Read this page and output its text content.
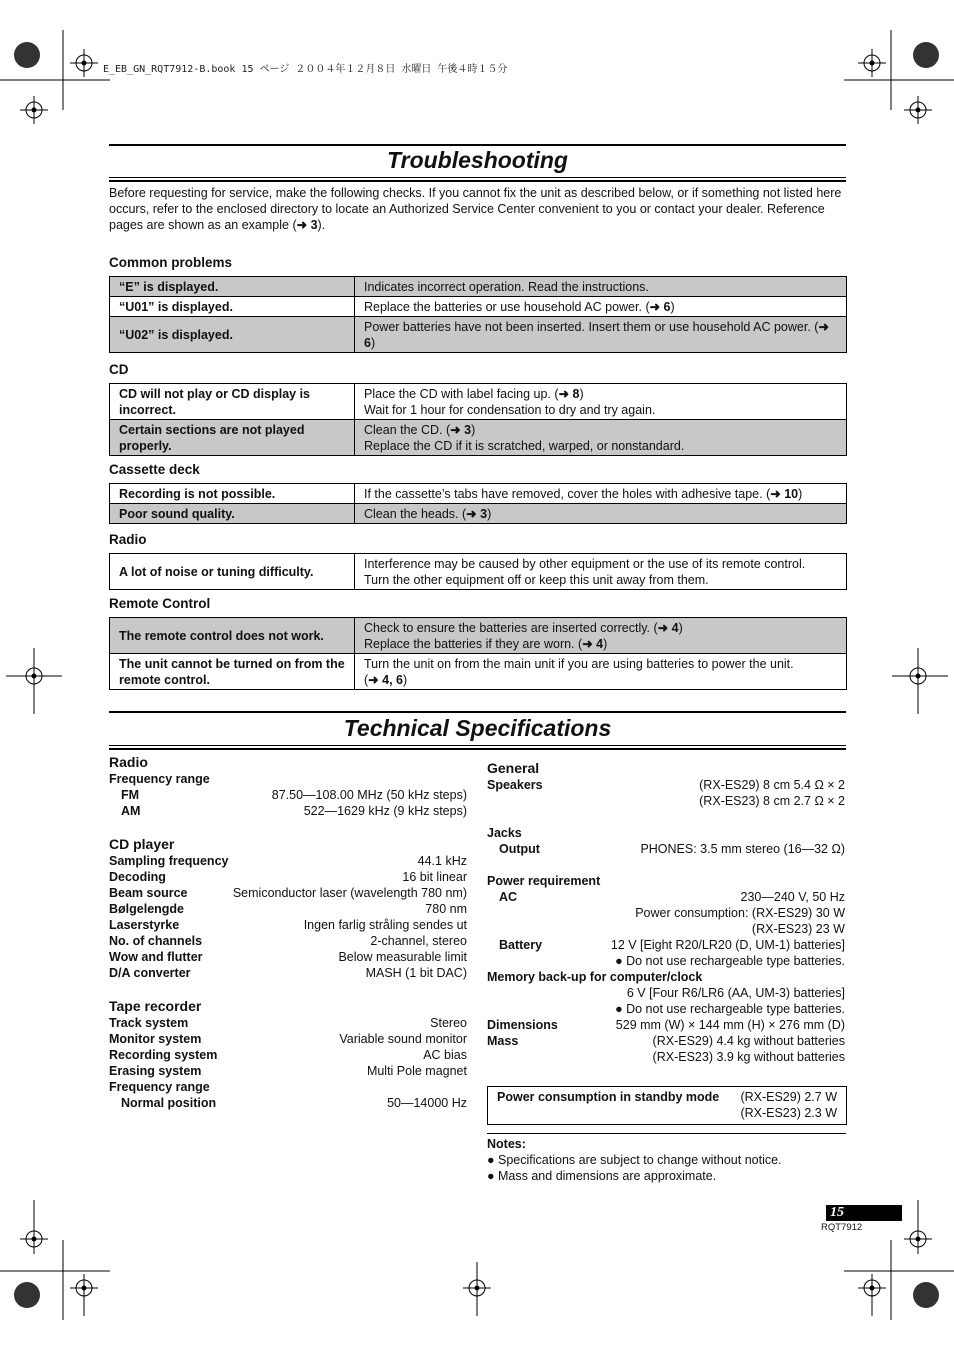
E_EB_GN_RQT7912-B.book 15 ページ ２００４年１２月８日 水曜日 午後４時１５分
Troubleshooting
Before requesting for service, make the following checks. If you cannot fix the unit as described below, or if something not listed here occurs, refer to the enclosed directory to locate an Authorized Service Center convenient to you or contact your dealer. Reference pages are shown as an example (➜ 3).
Common problems
“E” is displayed.	Indicates incorrect operation. Read the instructions.
“U01” is displayed.	Replace the batteries or use household AC power. (➜ 6)
“U02” is displayed.	Power batteries have not been inserted. Insert them or use household AC power. (➜ 6)
CD
CD will not play or CD display is incorrect.	Place the CD with label facing up. (➜ 8)
Wait for 1 hour for condensation to dry and try again.
Certain sections are not played properly.	Clean the CD. (➜ 3)
Replace the CD if it is scratched, warped, or nonstandard.
Cassette deck
Recording is not possible.	If the cassette’s tabs have removed, cover the holes with adhesive tape. (➜ 10)
Poor sound quality.	Clean the heads. (➜ 3)
Radio
A lot of noise or tuning difficulty.	Interference may be caused by other equipment or the use of its remote control.
Turn the other equipment off or keep this unit away from them.
Remote Control
The remote control does not work.	Check to ensure the batteries are inserted correctly. (➜ 4)
Replace the batteries if they are worn. (➜ 4)
The unit cannot be turned on from the remote control.	Turn the unit on from the main unit if you are using batteries to power the unit.
(➜ 4, 6)
Technical Specifications
Radio
Frequency range
FM	87.50—108.00 MHz (50 kHz steps)
AM	522—1629 kHz (9 kHz steps)
CD player
Sampling frequency	44.1 kHz
Decoding	16 bit linear
Beam source	Semiconductor laser (wavelength 780 nm)
Bølgelengde	780 nm
Laserstyrke	Ingen farlig stråling sendes ut
No. of channels	2-channel, stereo
Wow and flutter	Below measurable limit
D/A converter	MASH (1 bit DAC)
Tape recorder
Track system	Stereo
Monitor system	Variable sound monitor
Recording system	AC bias
Erasing system	Multi Pole magnet
Frequency range
Normal position	50—14000 Hz
General
Speakers	(RX-ES29) 8 cm 5.4 Ω × 2
(RX-ES23) 8 cm 2.7 Ω × 2
Jacks
Output	PHONES: 3.5 mm stereo (16—32 Ω)
Power requirement
AC	230—240 V, 50 Hz
Power consumption: (RX-ES29) 30 W
(RX-ES23) 23 W
Battery	12 V [Eight R20/LR20 (D, UM-1) batteries]
● Do not use rechargeable type batteries.
Memory back-up for computer/clock
6 V [Four R6/LR6 (AA, UM-3) batteries]
● Do not use rechargeable type batteries.
Dimensions	529 mm (W) × 144 mm (H) × 276 mm (D)
Mass	(RX-ES29) 4.4 kg without batteries
(RX-ES23) 3.9 kg without batteries
Power consumption in standby mode (RX-ES29) 2.7 W
(RX-ES23) 2.3 W
Notes:
● Specifications are subject to change without notice.
● Mass and dimensions are approximate.
15
RQT7912
